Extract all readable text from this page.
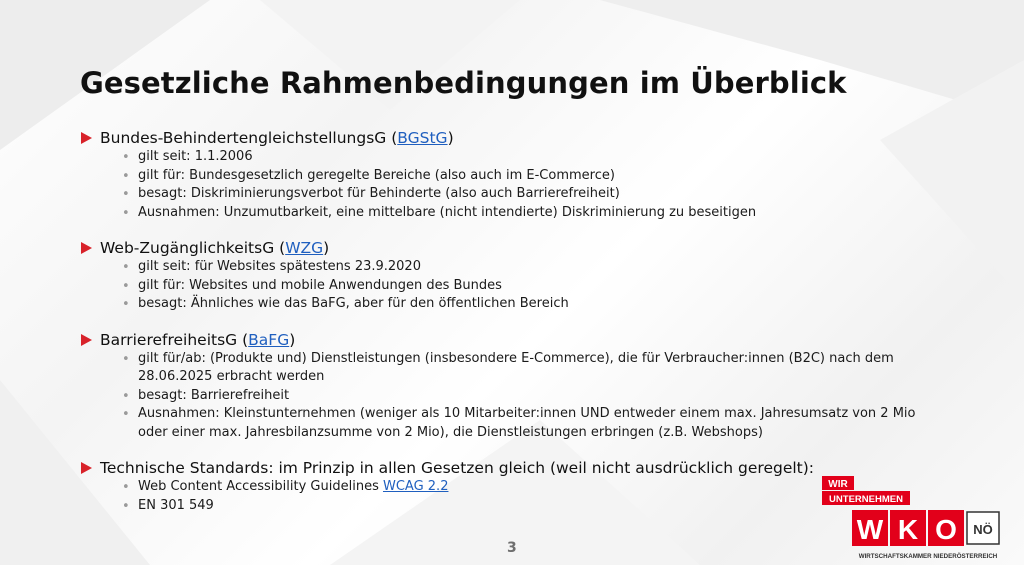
Gesetzliche Rahmenbedingungen im Überblick
Bundes-BehindertengleichstellungsG (BGStG)
• gilt seit: 1.1.2006
• gilt für: Bundesgesetzlich geregelte Bereiche (also auch im E-Commerce)
• besagt: Diskriminierungsverbot für Behinderte (also auch Barrierefreiheit)
• Ausnahmen: Unzumutbarkeit, eine mittelbare (nicht intendierte) Diskriminierung zu beseitigen
Web-ZugänglichkeitsG (WZG)
• gilt seit: für Websites spätestens 23.9.2020
• gilt für: Websites und mobile Anwendungen des Bundes
• besagt: Ähnliches wie das BaFG, aber für den öffentlichen Bereich
BarrierefreiheitsG (BaFG)
• gilt für/ab: (Produkte und) Dienstleistungen (insbesondere E-Commerce), die für Verbraucher:innen (B2C) nach dem 28.06.2025 erbracht werden
• besagt: Barrierefreiheit
• Ausnahmen: Kleinstunternehmen (weniger als 10 Mitarbeiter:innen UND entweder einem max. Jahresumsatz von 2 Mio oder einer max. Jahresbilanzsumme von 2 Mio), die Dienstleistungen erbringen (z.B. Webshops)
Technische Standards: im Prinzip in allen Gesetzen gleich (weil nicht ausdrücklich geregelt):
• Web Content Accessibility Guidelines WCAG 2.2
• EN 301 549
3
WIR
UNTERNEHMEN
W K O NÖ
WIRTSCHAFTSKAMMER NIEDERÖSTERREICH
